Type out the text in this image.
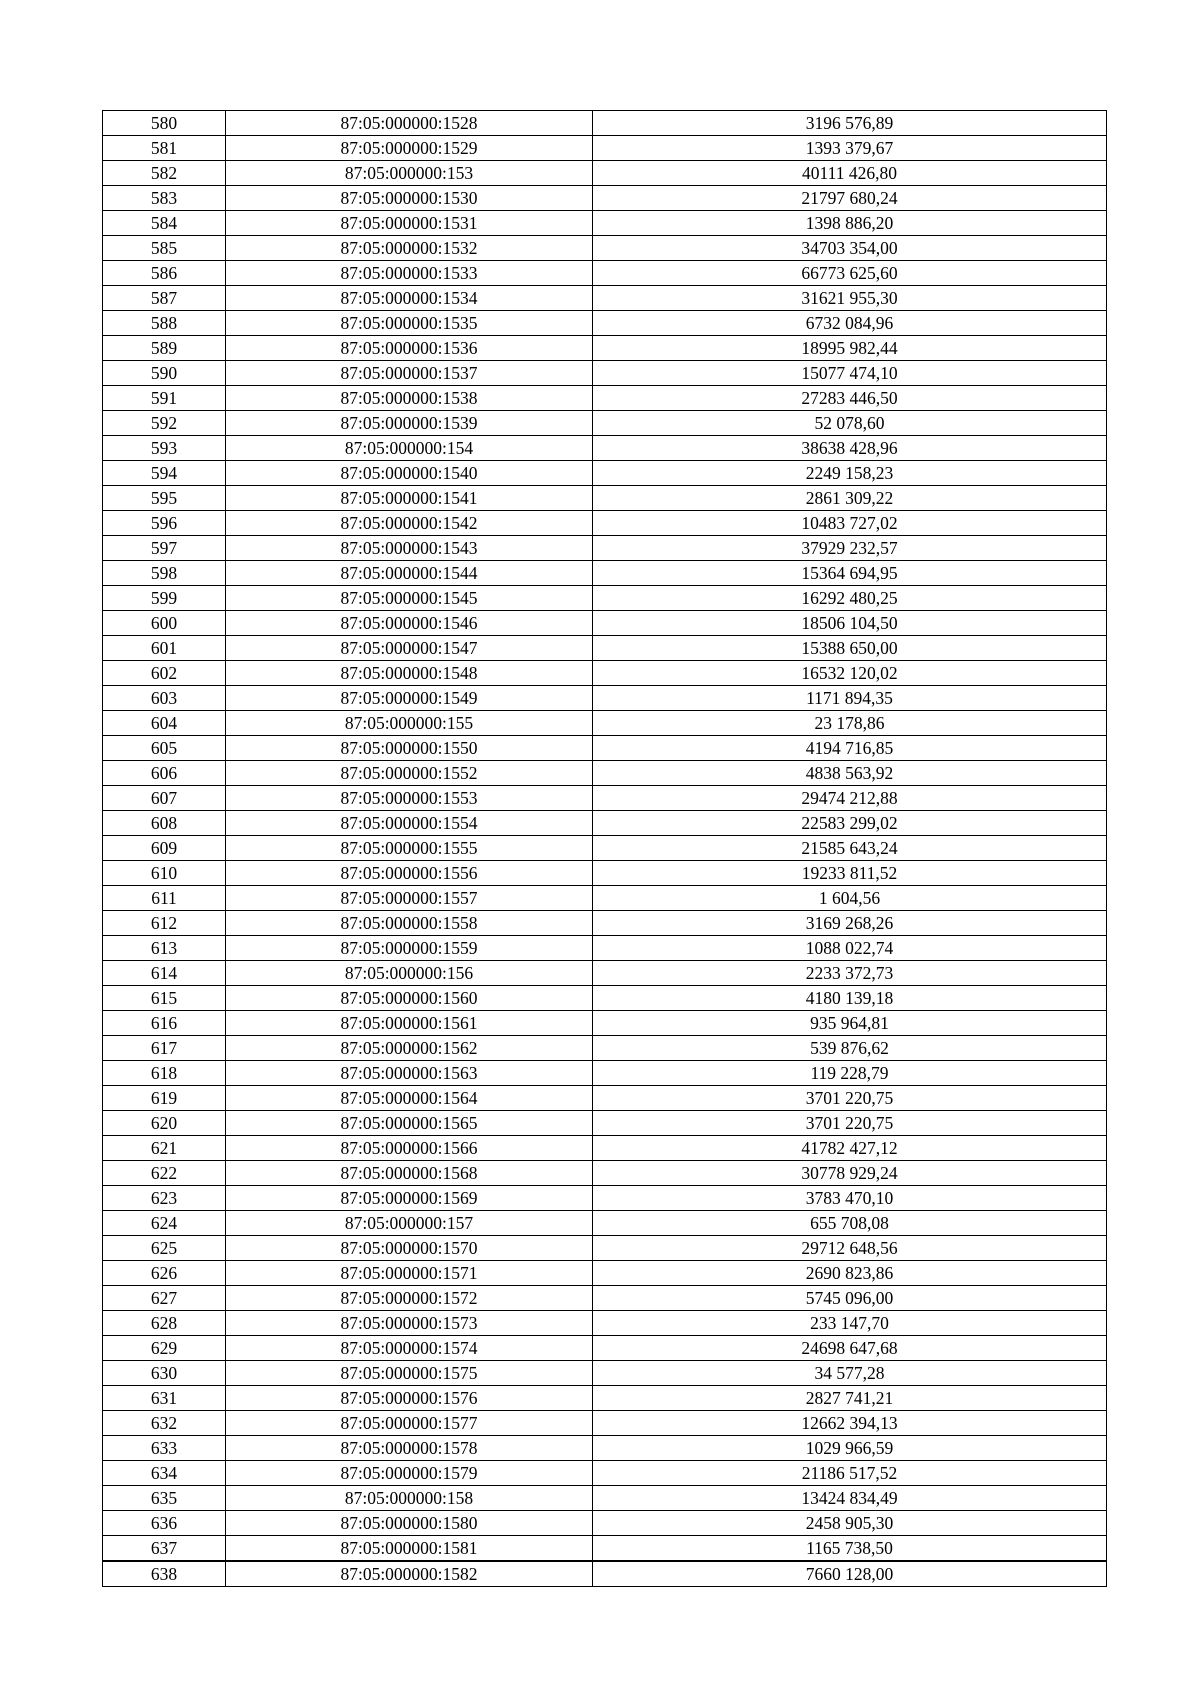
580	87:05:000000:1528	3196 576,89
581	87:05:000000:1529	1393 379,67
582	87:05:000000:153	40111 426,80
583	87:05:000000:1530	21797 680,24
584	87:05:000000:1531	1398 886,20
585	87:05:000000:1532	34703 354,00
586	87:05:000000:1533	66773 625,60
587	87:05:000000:1534	31621 955,30
588	87:05:000000:1535	6732 084,96
589	87:05:000000:1536	18995 982,44
590	87:05:000000:1537	15077 474,10
591	87:05:000000:1538	27283 446,50
592	87:05:000000:1539	52 078,60
593	87:05:000000:154	38638 428,96
594	87:05:000000:1540	2249 158,23
595	87:05:000000:1541	2861 309,22
596	87:05:000000:1542	10483 727,02
597	87:05:000000:1543	37929 232,57
598	87:05:000000:1544	15364 694,95
599	87:05:000000:1545	16292 480,25
600	87:05:000000:1546	18506 104,50
601	87:05:000000:1547	15388 650,00
602	87:05:000000:1548	16532 120,02
603	87:05:000000:1549	1171 894,35
604	87:05:000000:155	23 178,86
605	87:05:000000:1550	4194 716,85
606	87:05:000000:1552	4838 563,92
607	87:05:000000:1553	29474 212,88
608	87:05:000000:1554	22583 299,02
609	87:05:000000:1555	21585 643,24
610	87:05:000000:1556	19233 811,52
611	87:05:000000:1557	1 604,56
612	87:05:000000:1558	3169 268,26
613	87:05:000000:1559	1088 022,74
614	87:05:000000:156	2233 372,73
615	87:05:000000:1560	4180 139,18
616	87:05:000000:1561	935 964,81
617	87:05:000000:1562	539 876,62
618	87:05:000000:1563	119 228,79
619	87:05:000000:1564	3701 220,75
620	87:05:000000:1565	3701 220,75
621	87:05:000000:1566	41782 427,12
622	87:05:000000:1568	30778 929,24
623	87:05:000000:1569	3783 470,10
624	87:05:000000:157	655 708,08
625	87:05:000000:1570	29712 648,56
626	87:05:000000:1571	2690 823,86
627	87:05:000000:1572	5745 096,00
628	87:05:000000:1573	233 147,70
629	87:05:000000:1574	24698 647,68
630	87:05:000000:1575	34 577,28
631	87:05:000000:1576	2827 741,21
632	87:05:000000:1577	12662 394,13
633	87:05:000000:1578	1029 966,59
634	87:05:000000:1579	21186 517,52
635	87:05:000000:158	13424 834,49
636	87:05:000000:1580	2458 905,30
637	87:05:000000:1581	1165 738,50
638	87:05:000000:1582	7660 128,00
